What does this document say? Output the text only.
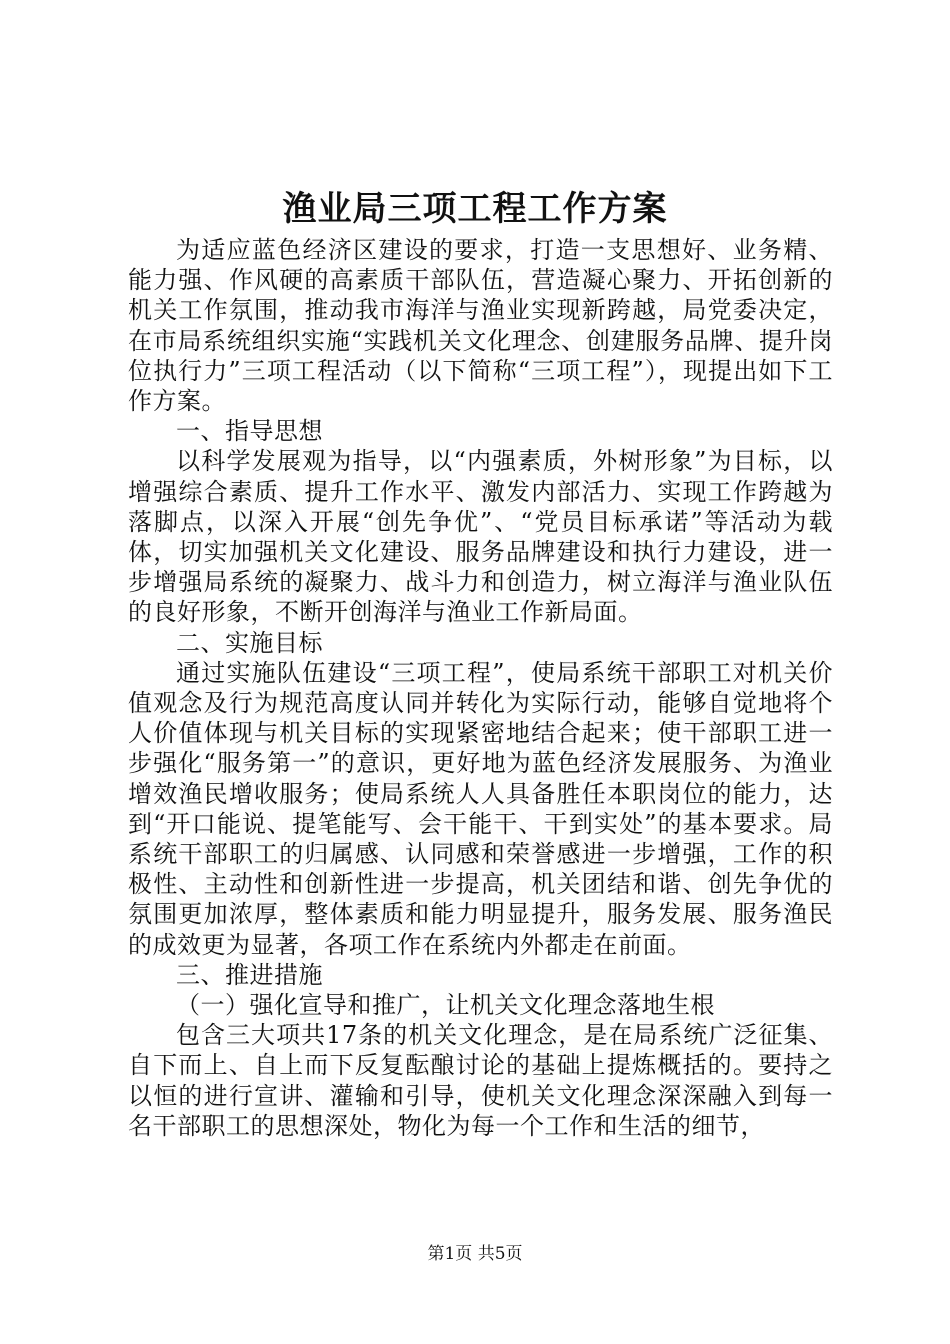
渔业局三项工程工作方案

为适应蓝色经济区建设的要求，打造一支思想好、业务精、能力强、作风硬的高素质干部队伍，营造凝心聚力、开拓创新的机关工作氛围，推动我市海洋与渔业实现新跨越，局党委决定，在市局系统组织实施“实践机关文化理念、创建服务品牌、提升岗位执行力”三项工程活动（以下简称“三项工程”），现提出如下工作方案。

一、指导思想

以科学发展观为指导，以“内强素质，外树形象”为目标，以增强综合素质、提升工作水平、激发内部活力、实现工作跨越为落脚点，以深入开展“创先争优”、“党员目标承诺”等活动为载体，切实加强机关文化建设、服务品牌建设和执行力建设，进一步增强局系统的凝聚力、战斗力和创造力，树立海洋与渔业队伍的良好形象，不断开创海洋与渔业工作新局面。

二、实施目标

通过实施队伍建设“三项工程”，使局系统干部职工对机关价值观念及行为规范高度认同并转化为实际行动，能够自觉地将个人价值体现与机关目标的实现紧密地结合起来；使干部职工进一步强化“服务第一”的意识，更好地为蓝色经济发展服务、为渔业增效渔民增收服务；使局系统人人具备胜任本职岗位的能力，达到“开口能说、提笔能写、会干能干、干到实处”的基本要求。局系统干部职工的归属感、认同感和荣誉感进一步增强，工作的积极性、主动性和创新性进一步提高，机关团结和谐、创先争优的氛围更加浓厚，整体素质和能力明显提升，服务发展、服务渔民的成效更为显著，各项工作在系统内外都走在前面。

三、推进措施

（一）强化宣导和推广，让机关文化理念落地生根

包含三大项共17条的机关文化理念，是在局系统广泛征集、自下而上、自上而下反复酝酿讨论的基础上提炼概括的。要持之以恒的进行宣讲、灌输和引导，使机关文化理念深深融入到每一名干部职工的思想深处，物化为每一个工作和生活的细节，

第1页 共5页
